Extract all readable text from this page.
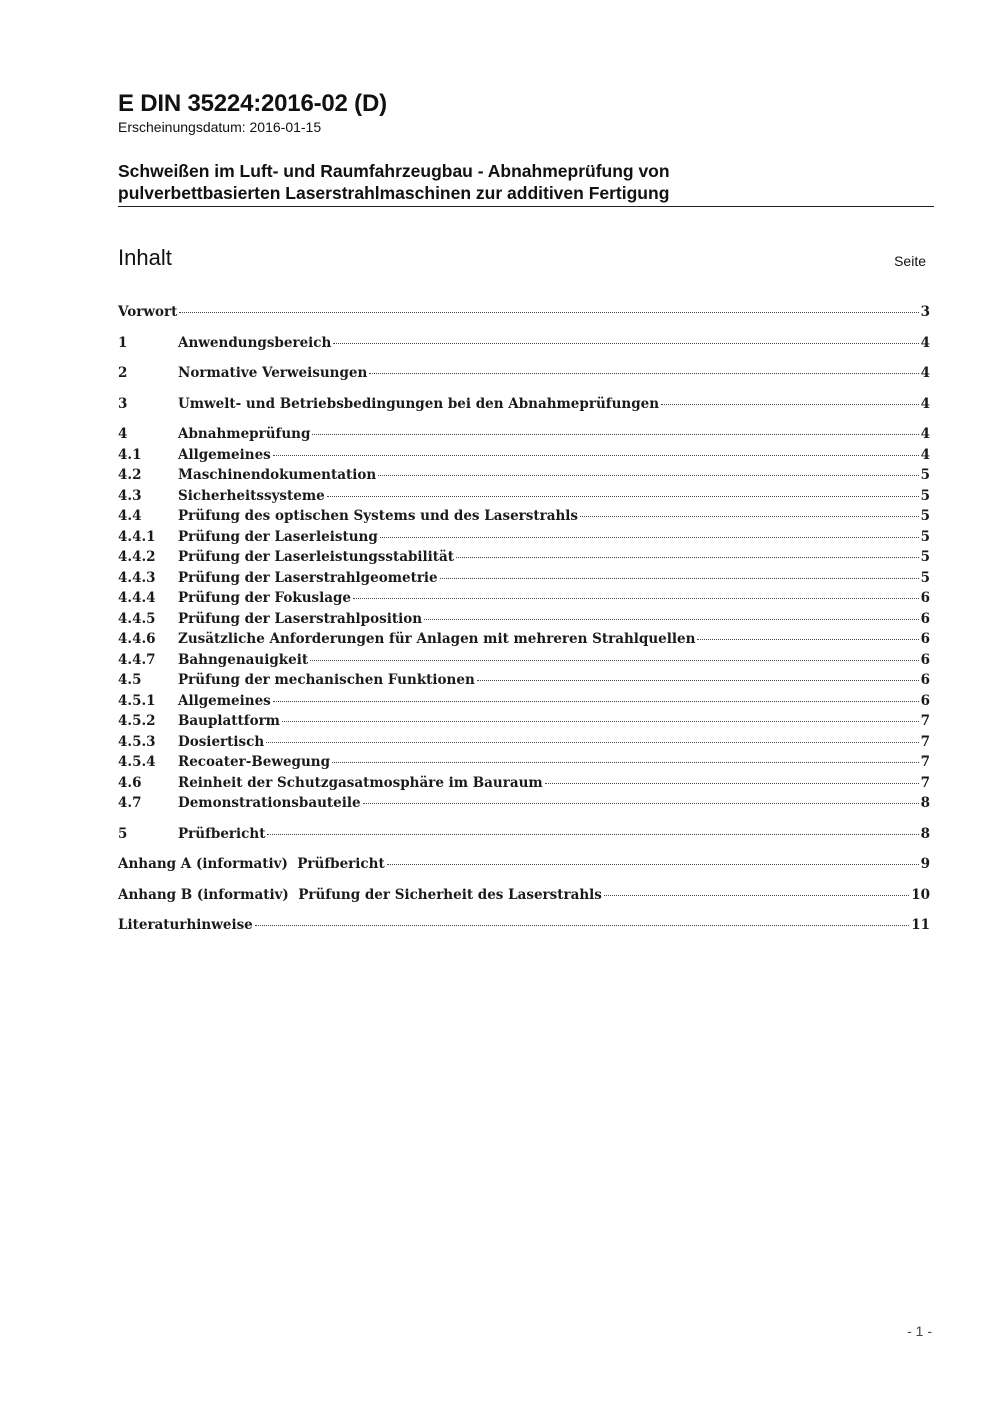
E DIN 35224:2016-02 (D)

Erscheinungsdatum: 2016-01-15

Schweißen im Luft- und Raumfahrzeugbau - Abnahmeprüfung von
pulverbettbasierten Laserstrahlmaschinen zur additiven Fertigung
Inhalt	Seite
Vorwort	3
1	Anwendungsbereich	4
2	Normative Verweisungen	4
3	Umwelt- und Betriebsbedingungen bei den Abnahmeprüfungen	4
4	Abnahmeprüfung	4
4.1	Allgemeines	4
4.2	Maschinendokumentation	5
4.3	Sicherheitssysteme	5
4.4	Prüfung des optischen Systems und des Laserstrahls	5
4.4.1	Prüfung der Laserleistung	5
4.4.2	Prüfung der Laserleistungsstabilität	5
4.4.3	Prüfung der Laserstrahlgeometrie	5
4.4.4	Prüfung der Fokuslage	6
4.4.5	Prüfung der Laserstrahlposition	6
4.4.6	Zusätzliche Anforderungen für Anlagen mit mehreren Strahlquellen	6
4.4.7	Bahngenauigkeit	6
4.5	Prüfung der mechanischen Funktionen	6
4.5.1	Allgemeines	6
4.5.2	Bauplattform	7
4.5.3	Dosiertisch	7
4.5.4	Recoater-Bewegung	7
4.6	Reinheit der Schutzgasatmosphäre im Bauraum	7
4.7	Demonstrationsbauteile	8
5	Prüfbericht	8
Anhang A (informativ)  Prüfbericht	9
Anhang B (informativ)  Prüfung der Sicherheit des Laserstrahls	10
Literaturhinweise	11
- 1 -
